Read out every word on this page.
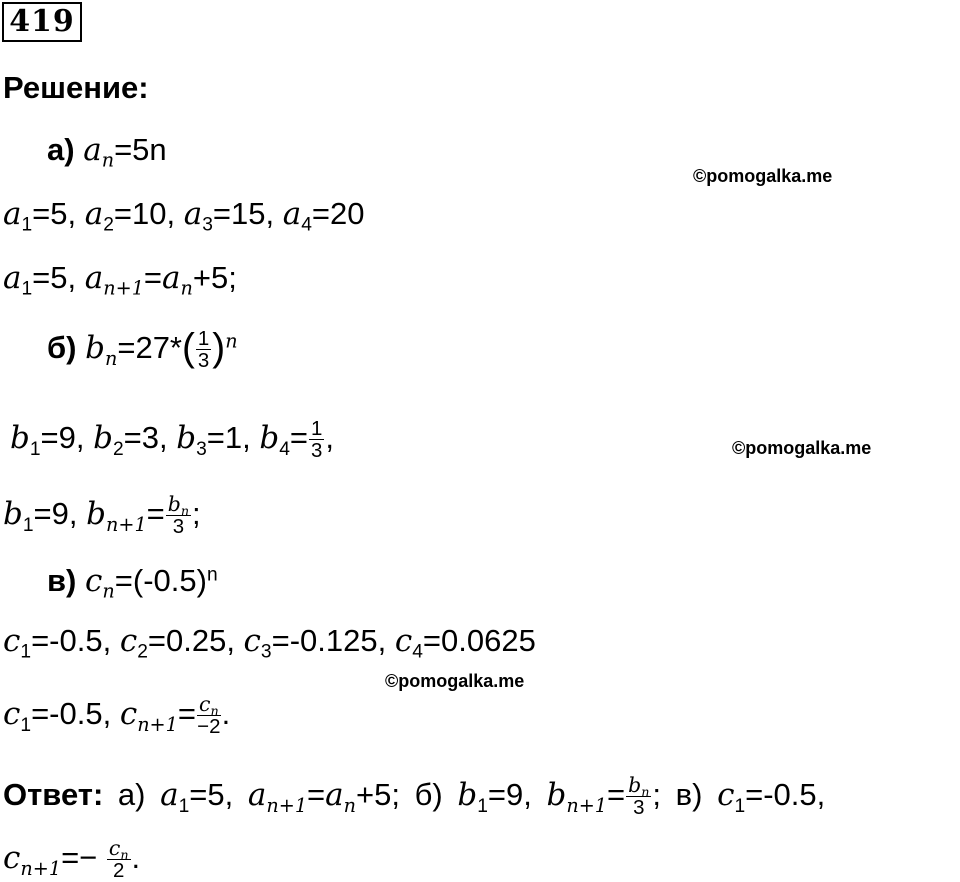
419
Решение:
а) $a_n=5n$
©pomogalka.me
$a_1=5$, $a_2=10$, $a_3=15$, $a_4=20$
$a_1=5$, $a_{n+1}=a_n+5$;
б) $b_n=27*( \frac{1}{3} )^n$
$b_1=9$, $b_2=3$, $b_3=1$, $b_4= \frac{1}{3}$ ,	©pomogalka.me
$b_1=9$, $b_{n+1}= \frac{b_n}{3}$ ;
в) $c_n=(-0.5)^n$
$c_1=-0.5$, $c_2=0.25$, $c_3=-0.125$, $c_4=0.0625$
©pomogalka.me
$c_1=-0.5$, $c_{n+1}= \frac{c_n}{-2}$ .
Ответ: а) $a_1=5$, $a_{n+1}=a_n+5$; б) $b_1=9$, $b_{n+1}= \frac{b_n}{3}$ ; в) $c_1=-0.5$,
$c_{n+1}=- \frac{c_n}{2}$ .
